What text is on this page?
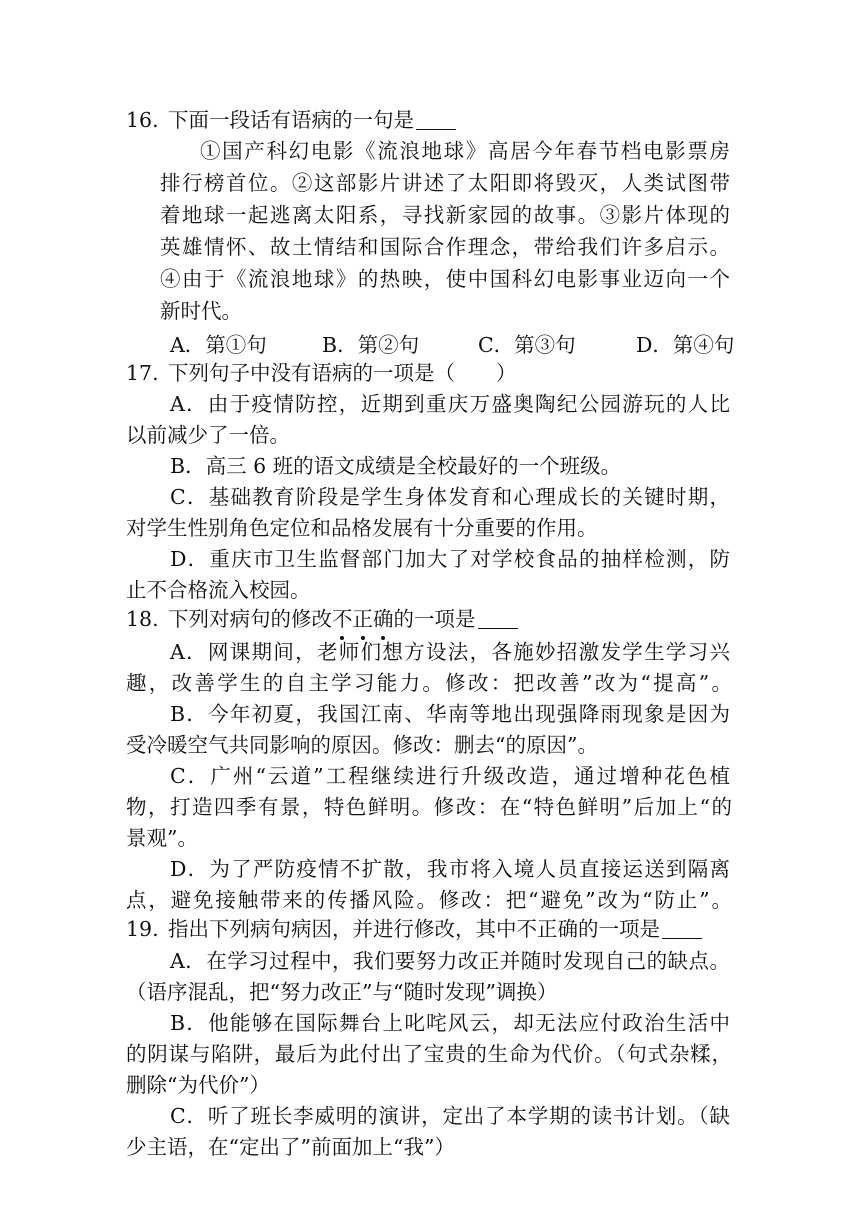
16. 下面一段话有语病的一句是
①国产科幻电影《流浪地球》高居今年春节档电影票房
排行榜首位。②这部影片讲述了太阳即将毁灭，人类试图带
着地球一起逃离太阳系，寻找新家园的故事。③影片体现的
英雄情怀、故土情结和国际合作理念，带给我们许多启示。
④由于《流浪地球》的热映，使中国科幻电影事业迈向一个
新时代。
A．第①句	B．第②句	C．第③句	D．第④句
17. 下列句子中没有语病的一项是（　　）
A．由于疫情防控，近期到重庆万盛奥陶纪公园游玩的人比
以前减少了一倍。
B．高三 6 班的语文成绩是全校最好的一个班级。
C．基础教育阶段是学生身体发育和心理成长的关键时期，
对学生性别角色定位和品格发展有十分重要的作用。
D．重庆市卫生监督部门加大了对学校食品的抽样检测，防
止不合格流入校园。
18. 下列对病句的修改不正确的一项是
A．网课期间，老师们想方设法，各施妙招激发学生学习兴
趣，改善学生的自主学习能力。修改：把改善”改为“提高”。
B．今年初夏，我国江南、华南等地出现强降雨现象是因为
受冷暖空气共同影响的原因。修改：删去“的原因”。
C．广州“云道”工程继续进行升级改造，通过增种花色植
物，打造四季有景，特色鲜明。修改：在“特色鲜明”后加上“的
景观”。
D．为了严防疫情不扩散，我市将入境人员直接运送到隔离
点，避免接触带来的传播风险。修改：把“避免”改为“防止”。
19. 指出下列病句病因，并进行修改，其中不正确的一项是
A．在学习过程中，我们要努力改正并随时发现自己的缺点。
（语序混乱，把“努力改正”与“随时发现”调换）
B．他能够在国际舞台上叱咤风云，却无法应付政治生活中
的阴谋与陷阱，最后为此付出了宝贵的生命为代价。（句式杂糅，
删除“为代价”）
C．听了班长李威明的演讲，定出了本学期的读书计划。（缺
少主语，在“定出了”前面加上“我”）
